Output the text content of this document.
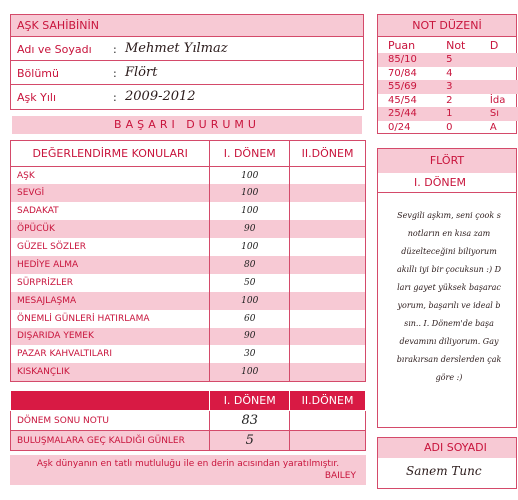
AŞK SAHİBİNİN
Adı ve Soyadı : Mehmet Yılmaz
Bölümü	: Flört
Aşk Yılı	: 2009-2012
BAŞARI DURUMU
DEĞERLENDİRME KONULARI	I. DÖNEM	II.DÖNEM
AŞK	100	
SEVGİ	100	
SADAKAT	100	
ÖPÜCÜK	90	
GÜZEL SÖZLER	100	
HEDİYE ALMA	80	
SÜRPRİZLER	50	
MESAJLAŞMA	100	
ÖNEMLİ GÜNLERİ HATIRLAMA	60	
DIŞARIDA YEMEK	90	
PAZAR KAHVALTILARI	30	
KISKANÇLIK	100	
	I. DÖNEM	II.DÖNEM
DÖNEM SONU NOTU	83	
BULUŞMALARA GEÇ KALDIĞI GÜNLER	5	
Aşk dünyanın en tatlı mutluluğu ile en derin acısından yaratılmıştır.
BAILEY
NOT DÜZENİ
Puan	Not	D
85/10	5	
70/84	4	
55/69	3	
45/54	2	İda
25/44	1	Sı
0/24	0	A
FLÖRT
I. DÖNEM
Sevgili aşkım, seni çook s
notların en kısa zam
düzelteceğini biliyorum
akıllı iyi bir çocuksun :) D
ları gayet yüksek başarac
yorum, başarılı ve ideal b
sın.. I. Dönem'de başa
devamını diliyorum. Gay
bırakırsan derslerden çak
göre :)
ADI SOYADI
Sanem Tunc
